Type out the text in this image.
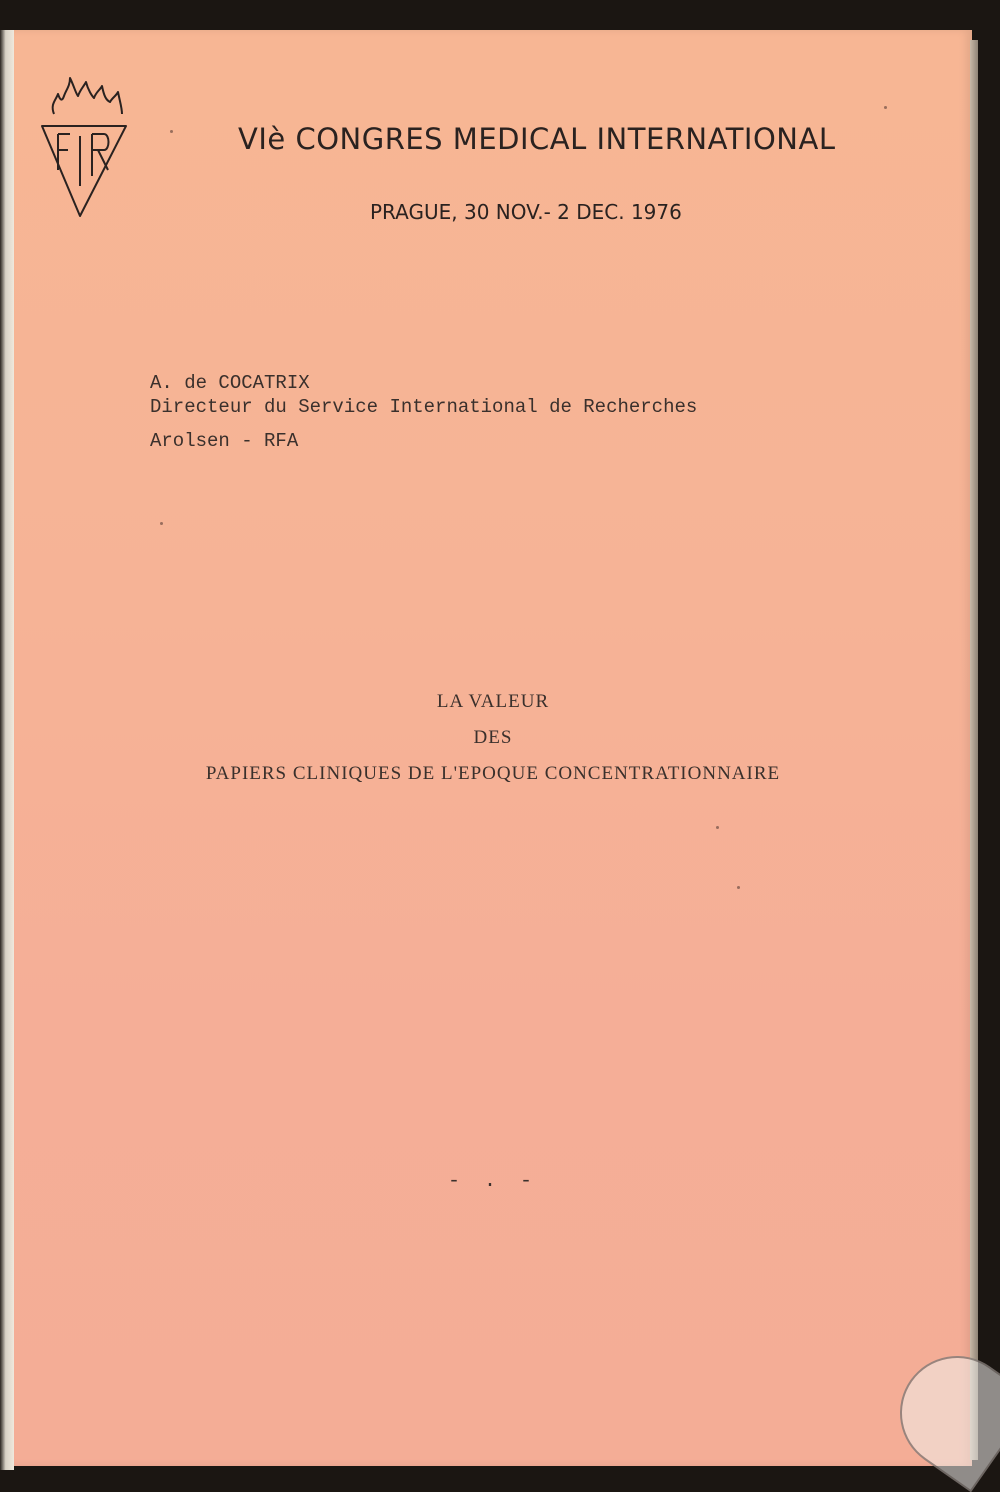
VIè CONGRES MEDICAL INTERNATIONAL
PRAGUE, 30 NOV.- 2 DEC. 1976
A. de COCATRIX
Directeur du Service International de Recherches
Arolsen - RFA
LA VALEUR
DES
PAPIERS CLINIQUES DE L'EPOQUE CONCENTRATIONNAIRE
- . -
